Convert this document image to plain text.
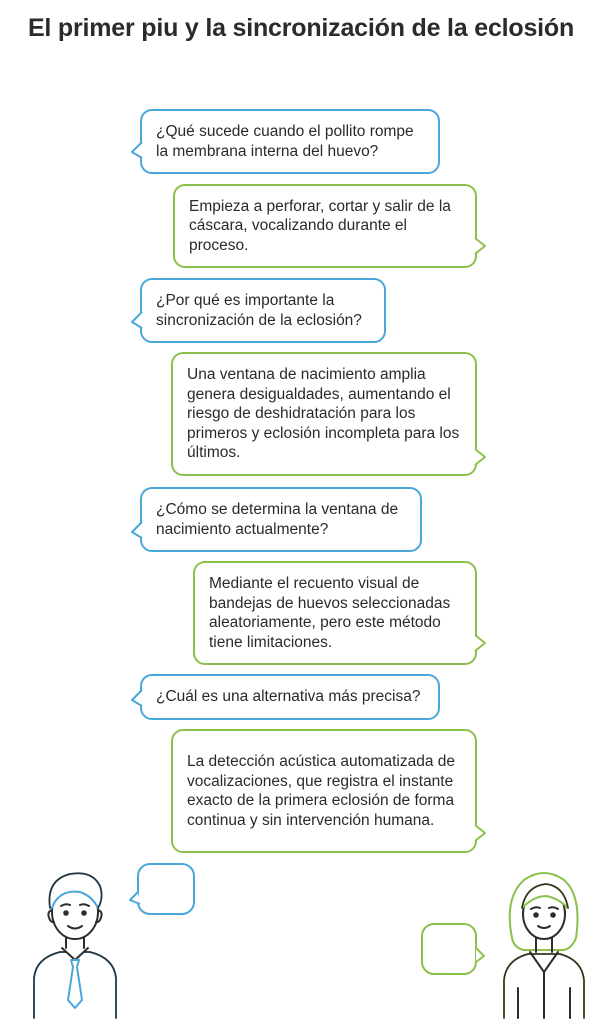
El primer piu y la sincronización de la eclosión
¿Qué sucede cuando el pollito rompe la membrana interna del huevo?
Empieza a perforar, cortar y salir de la cáscara, vocalizando durante el proceso.
¿Por qué es importante la sincronización de la eclosión?
Una ventana de nacimiento amplia genera desigualdades, aumentando el riesgo de deshidratación para los primeros y eclosión incompleta para los últimos.
¿Cómo se determina la ventana de nacimiento actualmente?
Mediante el recuento visual de bandejas de huevos seleccionadas aleatoriamente, pero este método tiene limitaciones.
¿Cuál es una alternativa más precisa?
La detección acústica automatizada de vocalizaciones, que registra el instante exacto de la primera eclosión de forma continua y sin intervención humana.
